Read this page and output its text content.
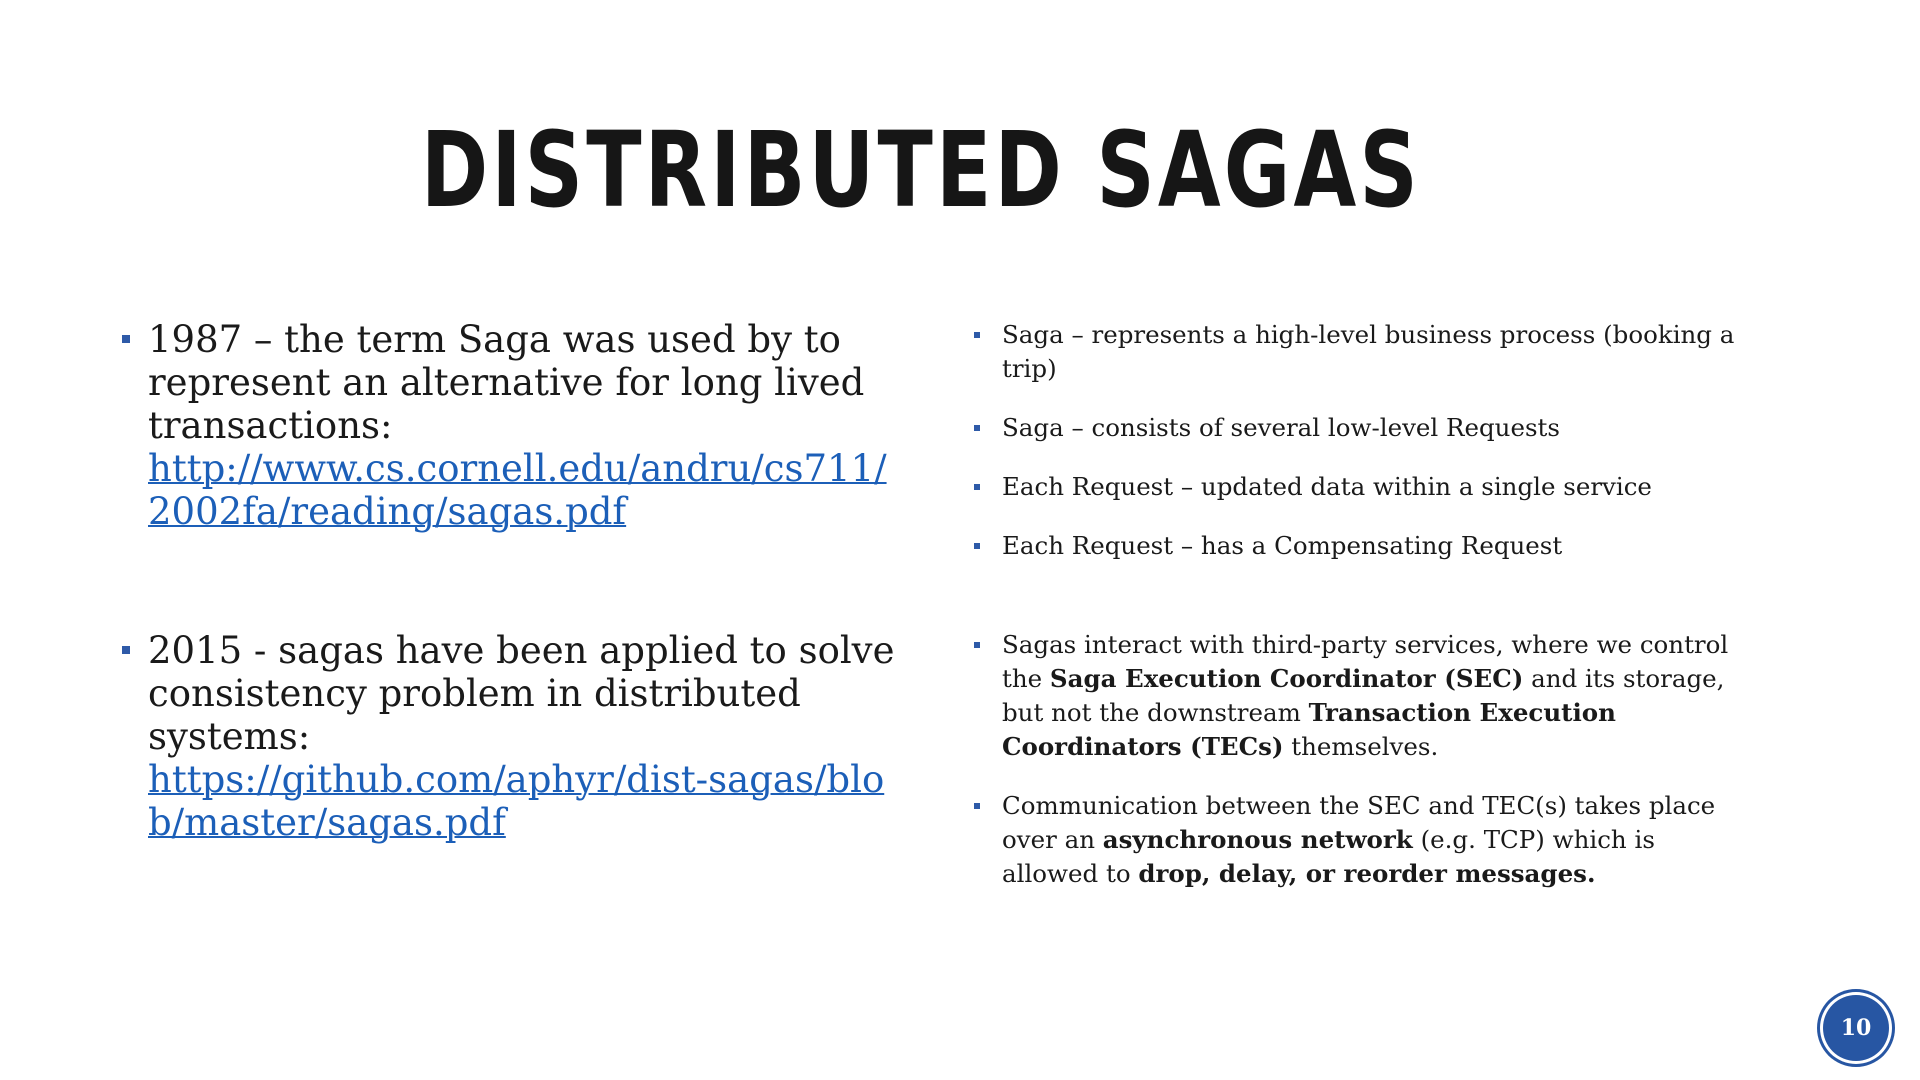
DISTRIBUTED SAGAS
1987 – the term Saga was used by to represent an alternative for long lived transactions:
http://www.cs.cornell.edu/andru/cs711/2002fa/reading/sagas.pdf
2015 - sagas have been applied to solve consistency problem in distributed systems:
https://github.com/aphyr/dist-sagas/blob/master/sagas.pdf
Saga – represents a high-level business process (booking a trip)
Saga – consists of several low-level Requests
Each Request – updated data within a single service
Each Request – has a Compensating Request
Sagas interact with third-party services, where we control the Saga Execution Coordinator (SEC) and its storage, but not the downstream Transaction Execution Coordinators (TECs) themselves.
Communication between the SEC and TEC(s) takes place over an asynchronous network (e.g. TCP) which is allowed to drop, delay, or reorder messages.
10
